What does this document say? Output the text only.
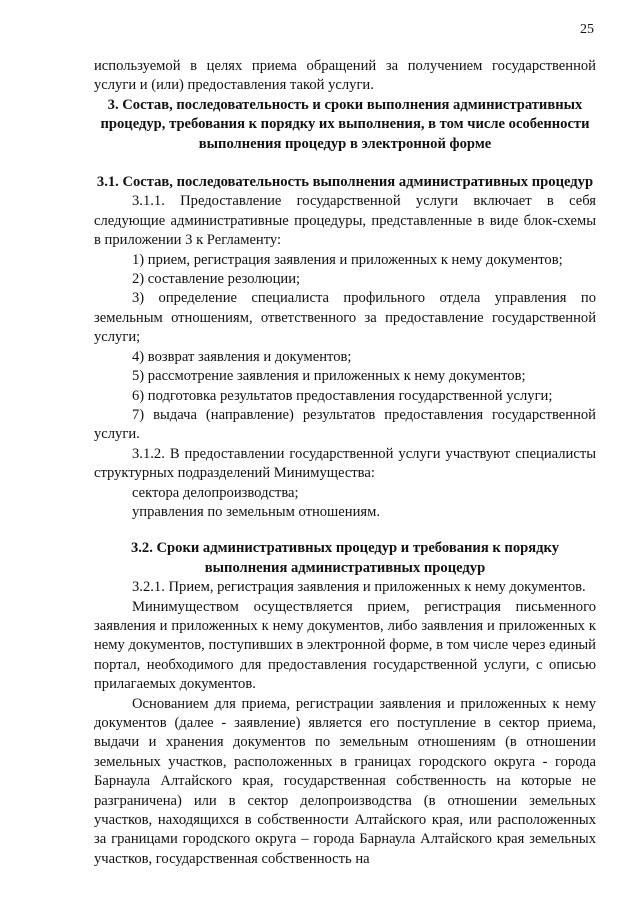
25

используемой в целях приема обращений за получением государственной услуги и (или) предоставления такой услуги.

3. Состав, последовательность и сроки выполнения административных процедур, требования к порядку их выполнения, в том числе особенности выполнения процедур в электронной форме

3.1. Состав, последовательность выполнения административных процедур

3.1.1. Предоставление государственной услуги включает в себя следующие административные процедуры, представленные в виде блок-схемы в приложении 3 к Регламенту:

1) прием, регистрация заявления и приложенных к нему документов;

2) составление резолюции;

3) определение специалиста профильного отдела управления по земельным отношениям, ответственного за предоставление государственной услуги;

4) возврат заявления и документов;

5) рассмотрение заявления и приложенных к нему документов;

6) подготовка результатов предоставления государственной услуги;

7) выдача (направление) результатов предоставления государственной услуги.

3.1.2. В предоставлении государственной услуги участвуют специалисты структурных подразделений Минимущества:

сектора делопроизводства;

управления по земельным отношениям.

3.2. Сроки административных процедур и требования к порядку выполнения административных процедур

3.2.1. Прием, регистрация заявления и приложенных к нему документов.

Минимуществом осуществляется прием, регистрация письменного заявления и приложенных к нему документов, либо заявления и приложенных к нему документов, поступивших в электронной форме, в том числе через единый портал, необходимого для предоставления государственной услуги, с описью прилагаемых документов.

Основанием для приема, регистрации заявления и приложенных к нему документов (далее - заявление) является его поступление в сектор приема, выдачи и хранения документов по земельным отношениям (в отношении земельных участков, расположенных в границах городского округа - города Барнаула Алтайского края, государственная собственность на которые не разграничена) или в сектор делопроизводства (в отношении земельных участков, находящихся в собственности Алтайского края, или расположенных за границами городского округа – города Барнаула Алтайского края земельных участков, государственная собственность на
